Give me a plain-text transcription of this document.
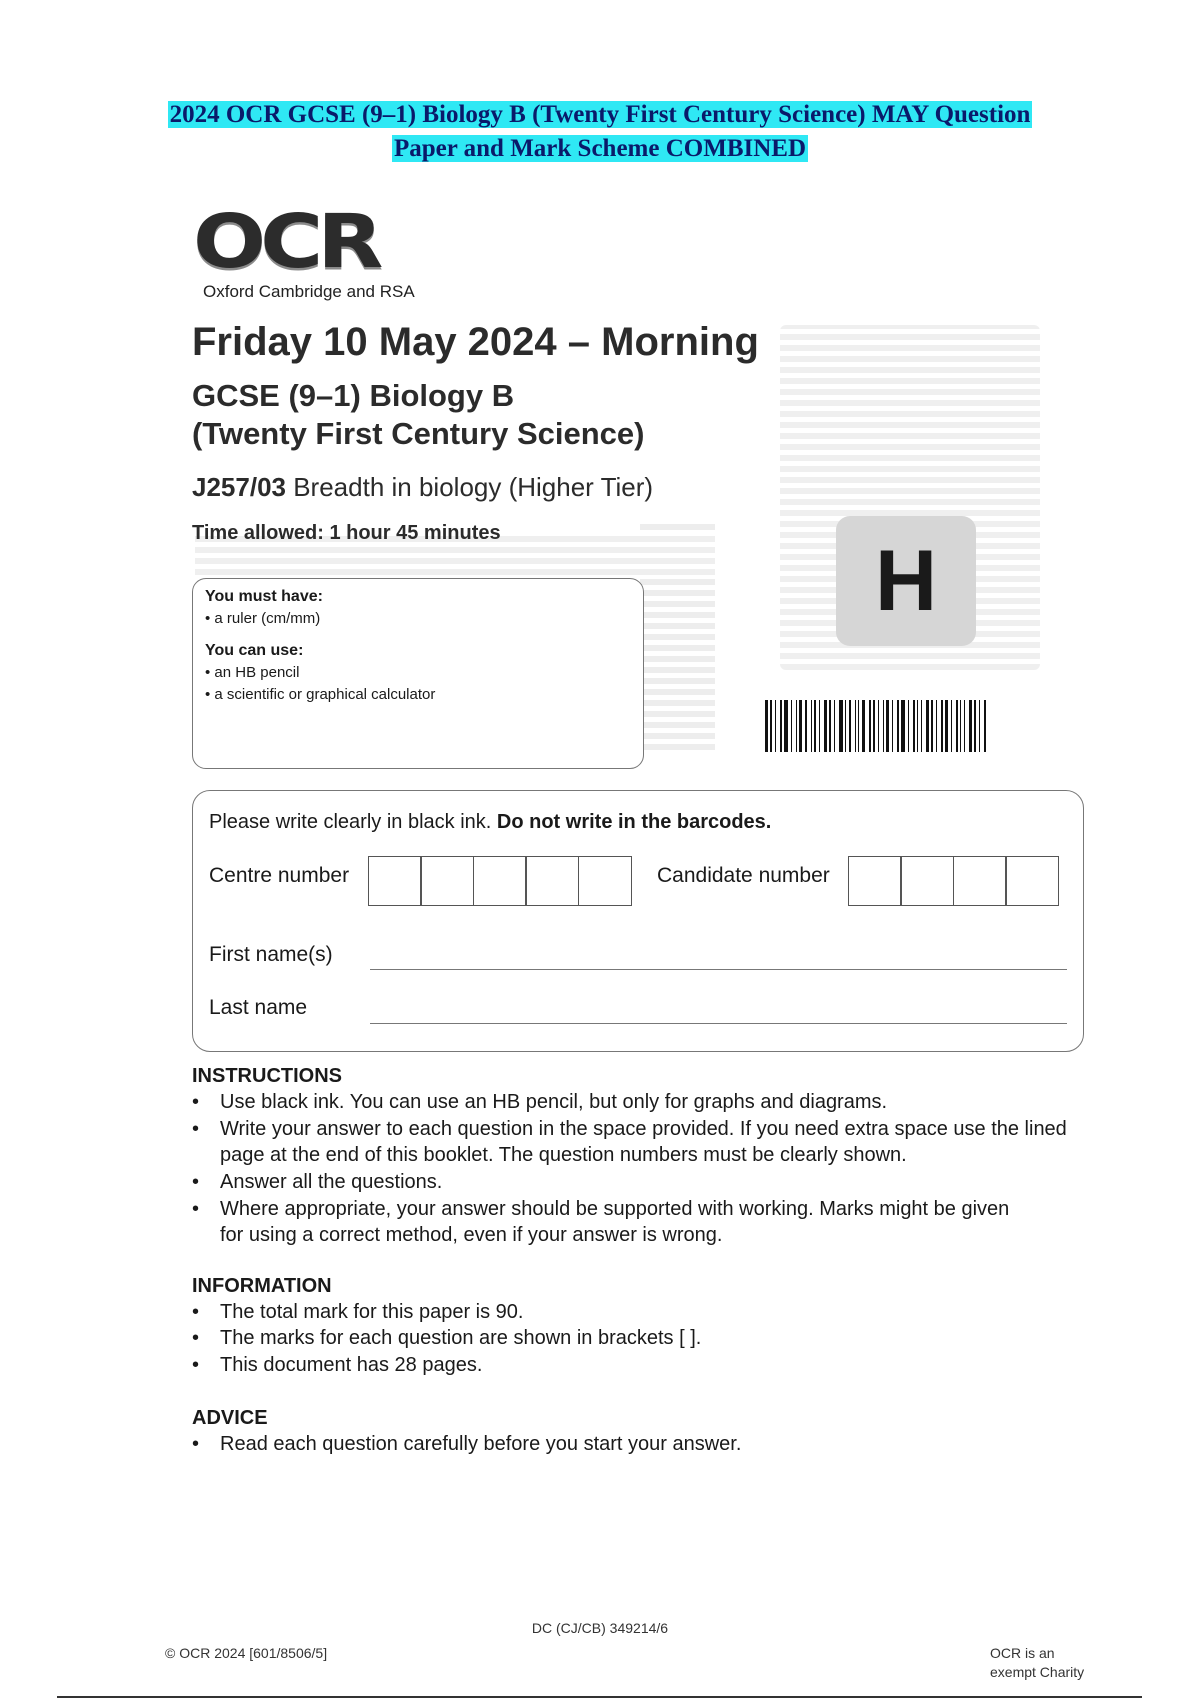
2024 OCR GCSE (9–1) Biology B (Twenty First Century Science) MAY Question
Paper and Mark Scheme COMBINED
OCR
Oxford Cambridge and RSA
Friday 10 May 2024 – Morning
GCSE (9–1) Biology B
(Twenty First Century Science)
J257/03 Breadth in biology (Higher Tier)
Time allowed: 1 hour 45 minutes	H
You must have:
• a ruler (cm/mm)
You can use:
• an HB pencil
• a scientific or graphical calculator
Please write clearly in black ink. Do not write in the barcodes.
Centre number	Candidate number
First name(s)
Last name
INSTRUCTIONS
• Use black ink. You can use an HB pencil, but only for graphs and diagrams.
• Write your answer to each question in the space provided. If you need extra space use the lined page at the end of this booklet. The question numbers must be clearly shown.
• Answer all the questions.
• Where appropriate, your answer should be supported with working. Marks might be given for using a correct method, even if your answer is wrong.
INFORMATION
• The total mark for this paper is 90.
• The marks for each question are shown in brackets [ ].
• This document has 28 pages.
ADVICE
• Read each question carefully before you start your answer.
DC (CJ/CB) 349214/6
© OCR 2024 [601/8506/5]	OCR is an
exempt Charity
